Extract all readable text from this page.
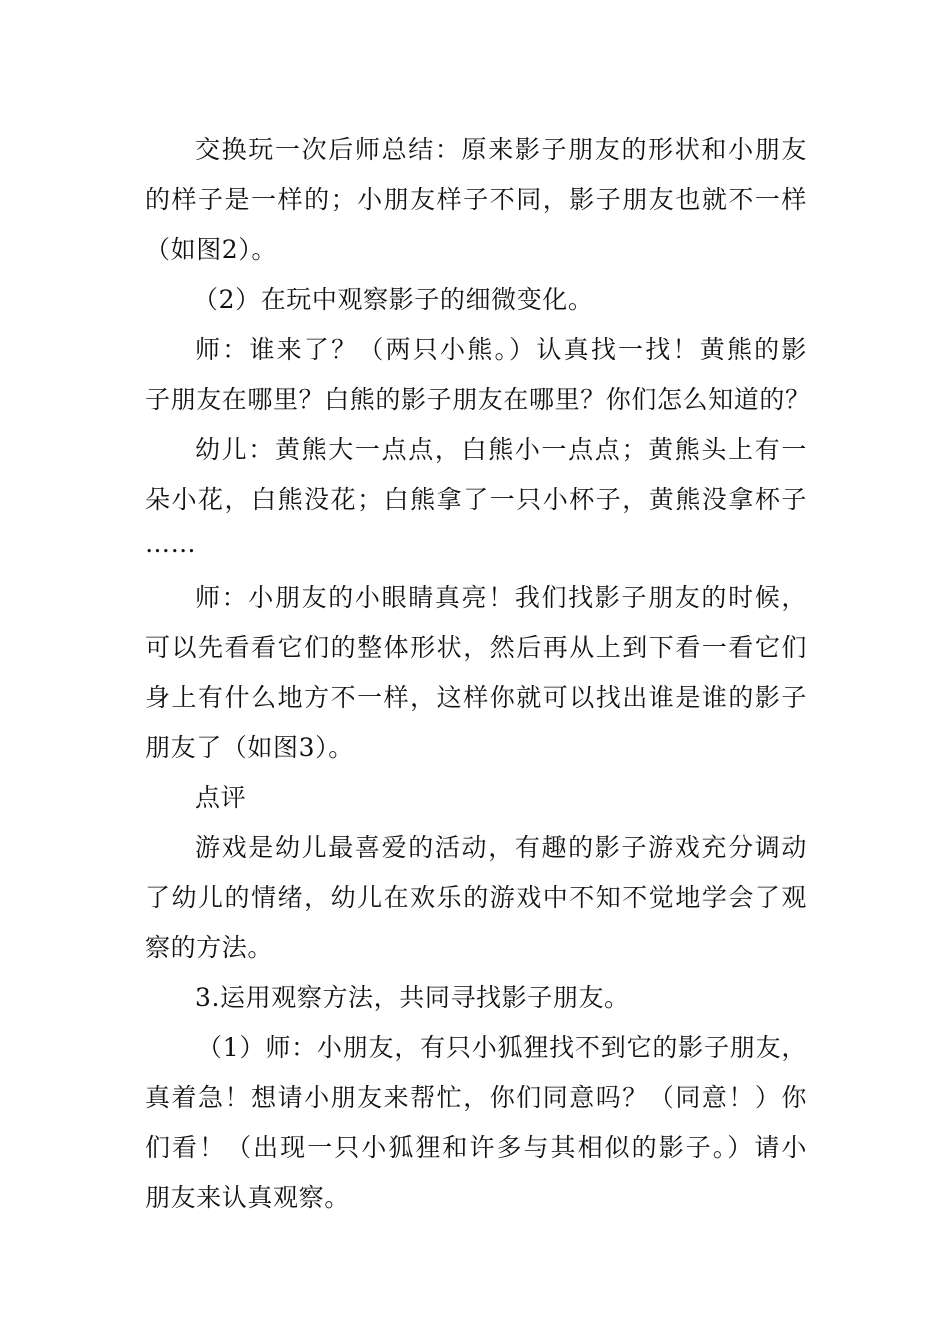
交换玩一次后师总结：原来影子朋友的形状和小朋友
的样子是一样的；小朋友样子不同，影子朋友也就不一样
（如图2）。
（2）在玩中观察影子的细微变化。
师：谁来了？（两只小熊。）认真找一找！黄熊的影
子朋友在哪里？白熊的影子朋友在哪里？你们怎么知道的？
幼儿：黄熊大一点点，白熊小一点点；黄熊头上有一
朵小花，白熊没花；白熊拿了一只小杯子，黄熊没拿杯子
……
师：小朋友的小眼睛真亮！我们找影子朋友的时候，
可以先看看它们的整体形状，然后再从上到下看一看它们
身上有什么地方不一样，这样你就可以找出谁是谁的影子
朋友了（如图3）。
点评
游戏是幼儿最喜爱的活动，有趣的影子游戏充分调动
了幼儿的情绪，幼儿在欢乐的游戏中不知不觉地学会了观
察的方法。
3.运用观察方法，共同寻找影子朋友。
（1）师：小朋友，有只小狐狸找不到它的影子朋友，
真着急！想请小朋友来帮忙，你们同意吗？（同意！）你
们看！（出现一只小狐狸和许多与其相似的影子。）请小
朋友来认真观察。
